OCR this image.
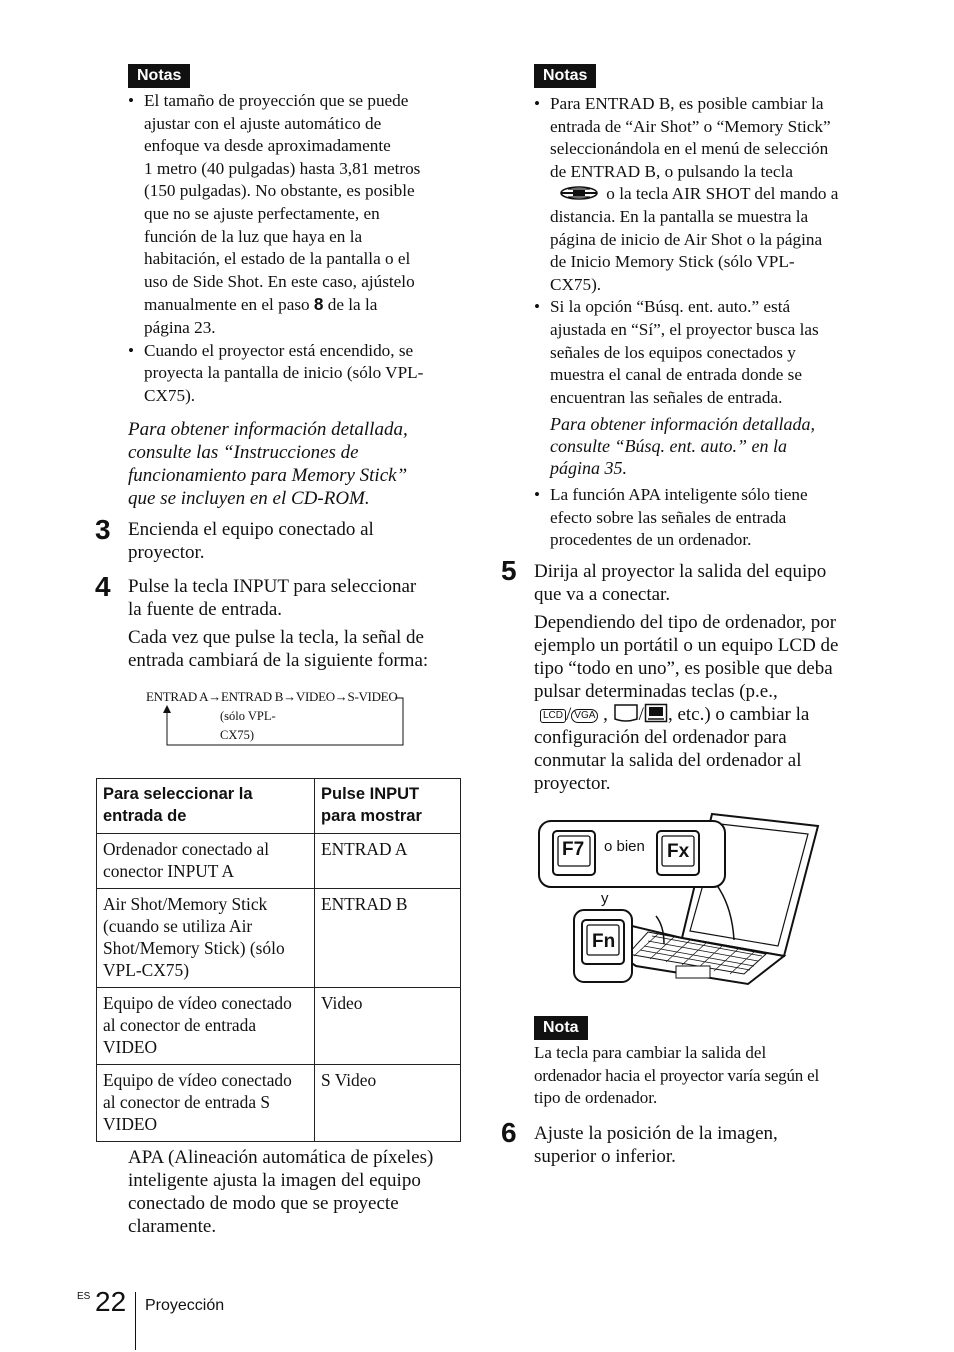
Notas
• El tamaño de proyección que se puede
ajustar con el ajuste automático de
enfoque va desde aproximadamente
1 metro (40 pulgadas) hasta 3,81 metros
(150 pulgadas). No obstante, es posible
que no se ajuste perfectamente, en
función de la luz que haya en la
habitación, el estado de la pantalla o el
uso de Side Shot. En este caso, ajústelo
manualmente en el paso 8 de la la
página 23.
• Cuando el proyector está encendido, se
proyecta la pantalla de inicio (sólo VPL-
CX75).
Para obtener información detallada,
consulte las “Instrucciones de
funcionamiento para Memory Stick”
que se incluyen en el CD-ROM.
3 Encienda el equipo conectado al
proyector.
4 Pulse la tecla INPUT para seleccionar
la fuente de entrada.
Cada vez que pulse la tecla, la señal de
entrada cambiará de la siguiente forma:
ENTRAD A→ENTRAD B→VIDEO→S-VIDEO
(sólo VPL-
CX75)
Para seleccionar la entrada de	Pulse INPUT para mostrar
Ordenador conectado al conector INPUT A	ENTRAD A
Air Shot/Memory Stick (cuando se utiliza Air Shot/Memory Stick) (sólo VPL-CX75)	ENTRAD B
Equipo de vídeo conectado al conector de entrada VIDEO	Video
Equipo de vídeo conectado al conector de entrada S VIDEO	S Video
APA (Alineación automática de píxeles)
inteligente ajusta la imagen del equipo
conectado de modo que se proyecte
claramente.
Notas
• Para ENTRAD B, es posible cambiar la
entrada de “Air Shot” o “Memory Stick”
seleccionándola en el menú de selección
de ENTRAD B, o pulsando la tecla
o la tecla AIR SHOT del mando a
distancia. En la pantalla se muestra la
página de inicio de Air Shot o la página
de Inicio Memory Stick (sólo VPL-
CX75).
• Si la opción “Búsq. ent. auto.” está
ajustada en “Sí”, el proyector busca las
señales de los equipos conectados y
muestra el canal de entrada donde se
encuentran las señales de entrada.
Para obtener información detallada,
consulte “Búsq. ent. auto.” en la
página 35.
• La función APA inteligente sólo tiene
efecto sobre las señales de entrada
procedentes de un ordenador.
5 Dirija al proyector la salida del equipo
que va a conectar.
Dependiendo del tipo de ordenador, por
ejemplo un portátil o un equipo LCD de
tipo “todo en uno”, es posible que deba
pulsar determinadas teclas (p.e.,
LCD / VGA , / , etc.) o cambiar la
configuración del ordenador para
conmutar la salida del ordenador al
proyector.
F7 o bien Fx
y
Fn
Nota
La tecla para cambiar la salida del
ordenador hacia el proyector varía según el
tipo de ordenador.
6 Ajuste la posición de la imagen,
superior o inferior.
ES 22 Proyección
